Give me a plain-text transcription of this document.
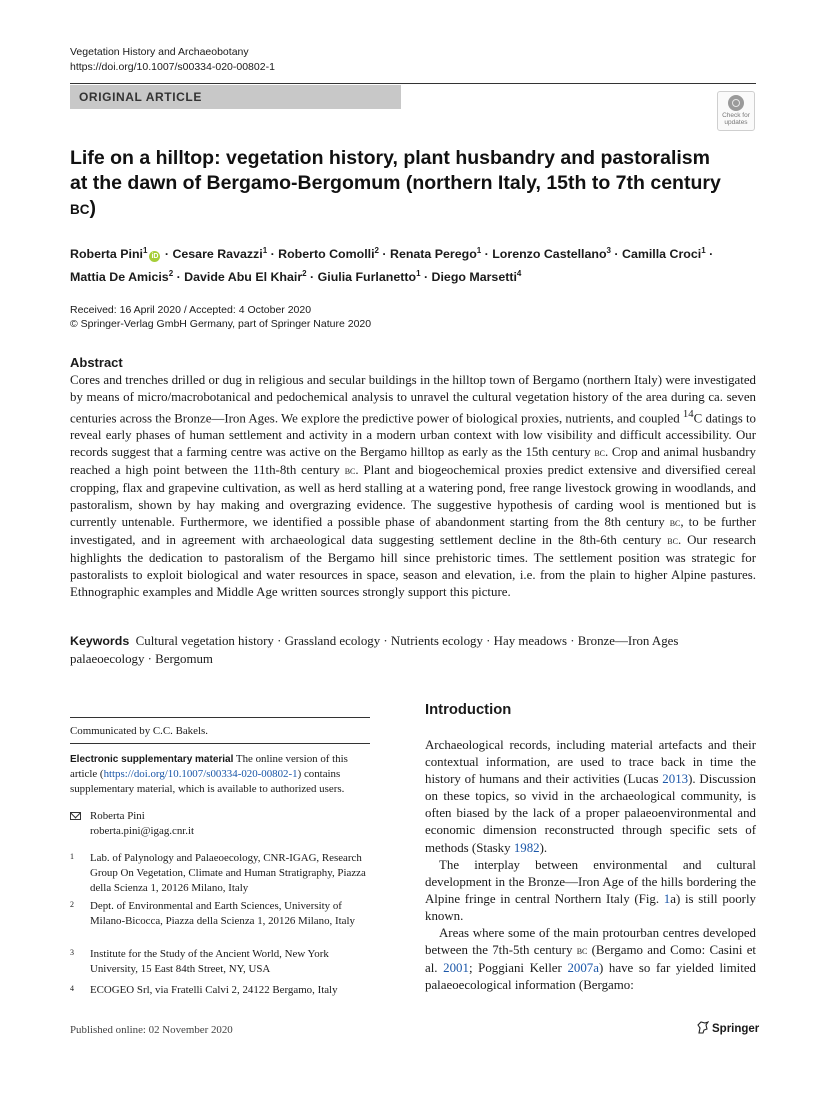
Vegetation History and Archaeobotany
https://doi.org/10.1007/s00334-020-00802-1
ORIGINAL ARTICLE
Check for
updates
Life on a hilltop: vegetation history, plant husbandry and pastoralism at the dawn of Bergamo-Bergomum (northern Italy, 15th to 7th century BC)
Roberta Pini$^1$iD · Cesare Ravazzi$^1$ · Roberto Comolli$^2$ · Renata Perego$^1$ · Lorenzo Castellano$^3$ · Camilla Croci$^1$ ·
Mattia De Amicis$^2$ · Davide Abu El Khair$^2$ · Giulia Furlanetto$^1$ · Diego Marsetti$^4$
Received: 16 April 2020 / Accepted: 4 October 2020
© Springer-Verlag GmbH Germany, part of Springer Nature 2020
Abstract

Cores and trenches drilled or dug in religious and secular buildings in the hilltop town of Bergamo (northern Italy) were investigated by means of micro/macrobotanical and pedochemical analysis to unravel the cultural vegetation history of the area during ca. seven centuries across the Bronze—Iron Ages. We explore the predictive power of biological proxies, nutrients, and coupled $^{14}$C datings to reveal early phases of human settlement and activity in a modern urban context with low visibility and difficult accessibility. Our records suggest that a farming centre was active on the Bergamo hilltop as early as the 15th century bc. Crop and animal husbandry reached a high point between the 11th-8th century bc. Plant and biogeochemical proxies predict extensive and diversified cereal cropping, flax and grapevine cultivation, as well as herd stalling at a watering pond, free range livestock growing in woodlands, and pastoralism, shown by hay making and overgrazing evidence. The suggestive hypothesis of carding wool is mentioned but is currently untenable. Furthermore, we identified a possible phase of abandonment starting from the 8th century bc, to be further investigated, and in agreement with archaeological data suggesting settlement decline in the 8th-6th century bc. Our research highlights the dedication to pastoralism of the Bergamo hill since prehistoric times. The settlement position was strategic for pastoralists to exploit biological and water resources in space, season and elevation, i.e. from the plain to higher Alpine pastures. Ethnographic examples and Middle Age written sources strongly support this picture.

Keywords Cultural vegetation history · Grassland ecology · Nutrients ecology · Hay meadows · Bronze—Iron Ages palaeoecology · Bergomum
Communicated by C.C. Bakels.
Electronic supplementary material The online version of this article (https://doi.org/10.1007/s00334-020-00802-1) contains supplementary material, which is available to authorized users.
Roberta Pini
roberta.pini@igag.cnr.it
1 Lab. of Palynology and Palaeoecology, CNR-IGAG, Research Group On Vegetation, Climate and Human Stratigraphy, Piazza della Scienza 1, 20126 Milano, Italy
2 Dept. of Environmental and Earth Sciences, University of Milano-Bicocca, Piazza della Scienza 1, 20126 Milano, Italy
3 Institute for the Study of the Ancient World, New York University, 15 East 84th Street, NY, USA
4 ECOGEO Srl, via Fratelli Calvi 2, 24122 Bergamo, Italy
Published online: 02 November 2020	Springer
Introduction

Archaeological records, including material artefacts and their contextual information, are used to trace back in time the history of humans and their activities (Lucas 2013). Discussion on these topics, so vivid in the archaeological community, is often biased by the lack of a proper palaeoenvironmental and economic dimension reconstructed through specific sets of methods (Stasky 1982).

The interplay between environmental and cultural development in the Bronze—Iron Age of the hills bordering the Alpine fringe in central Northern Italy (Fig. 1a) is still poorly known.

Areas where some of the main protourban centres developed between the 7th-5th century bc (Bergamo and Como: Casini et al. 2001; Poggiani Keller 2007a) have so far yielded limited palaeoecological information (Bergamo:
